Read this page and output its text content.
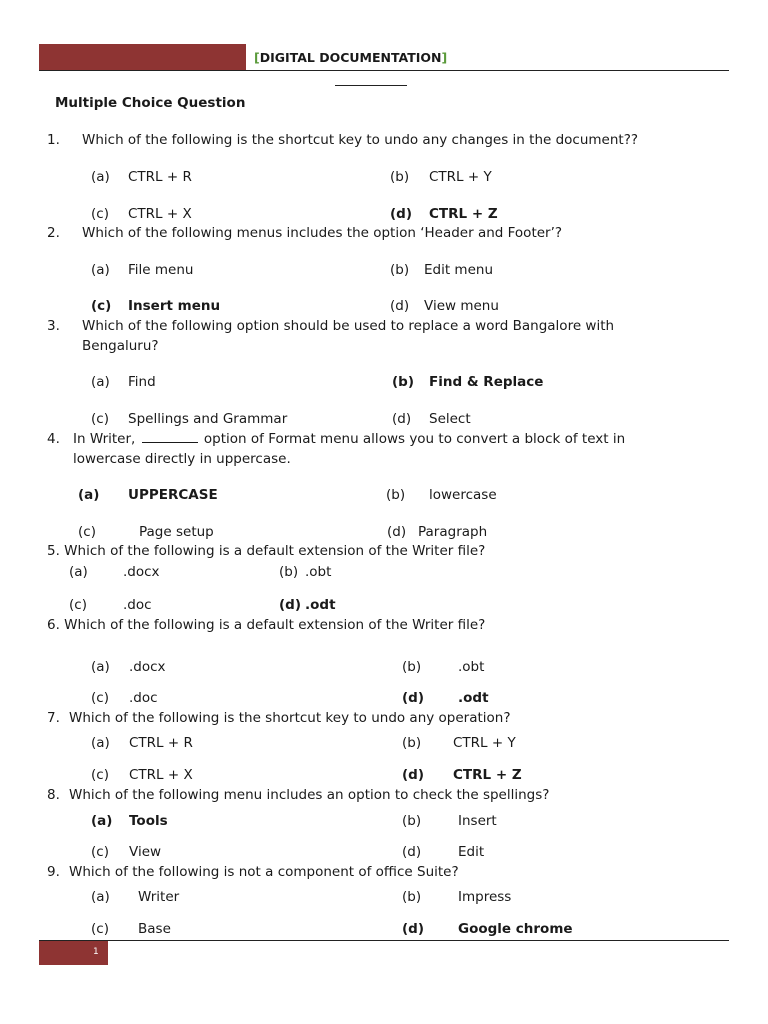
[DIGITAL DOCUMENTATION]
Multiple Choice Question
1. Which of the following is the shortcut key to undo any changes in the document??
(a) CTRL + R	(b) CTRL + Y
(c) CTRL + X	(d) CTRL + Z
2. Which of the following menus includes the option ‘Header and Footer’?
(a) File menu	(b) Edit menu
(c) Insert menu	(d) View menu
3. Which of the following option should be used to replace a word Bangalore with
Bengaluru?
(a) Find	(b) Find & Replace
(c) Spellings and Grammar	(d) Select
4. In Writer,	option of Format menu allows you to convert a block of text in
lowercase directly in uppercase.
(a) UPPERCASE	(b) lowercase
(c)	Page setup	(d) Paragraph
5. Which of the following is a default extension of the Writer file?
(a)	.docx	(b) .obt
(c)	.doc	(d) .odt
6. Which of the following is a default extension of the Writer file?
(a) .docx	(b)	.obt
(c) .doc	(d)	.odt
7. Which of the following is the shortcut key to undo any operation?
(a) CTRL + R	(b) CTRL + Y
(c) CTRL + X	(d) CTRL + Z
8. Which of the following menu includes an option to check the spellings?
(a) Tools	(b)	Insert
(c) View	(d)	Edit
9. Which of the following is not a component of office Suite?
(a) Writer	(b)	Impress
(c) Base	(d)	Google chrome
1
